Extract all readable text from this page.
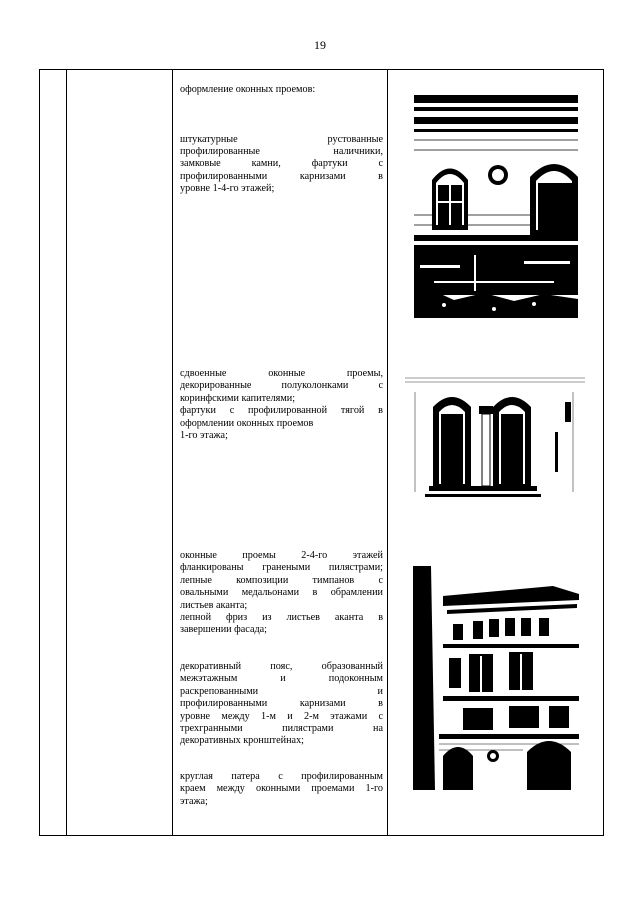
19

оформление оконных проемов:

штукатурные рустованные

профилированные наличники,

замковые камни, фартуки с

профилированными карнизами в

уровне 1-4-го этажей;

сдвоенные оконные проемы,

декорированные полуколонками с

коринфскими капителями;

фартуки с профилированной тягой в

оформлении оконных проемов

1-го этажа;

оконные проемы 2-4-го этажей

фланкированы гранеными пилястрами;

лепные композиции тимпанов с

овальными медальонами в обрамлении

листьев аканта;

лепной фриз из листьев аканта в

завершении фасада;

декоративный пояс, образованный

межэтажным и подоконным

раскрепованными и

профилированными карнизами в

уровне между 1-м и 2-м этажами с

трехгранными пилястрами на

декоративных кронштейнах;

круглая патера с профилированным

краем между оконными проемами 1-го

этажа;
